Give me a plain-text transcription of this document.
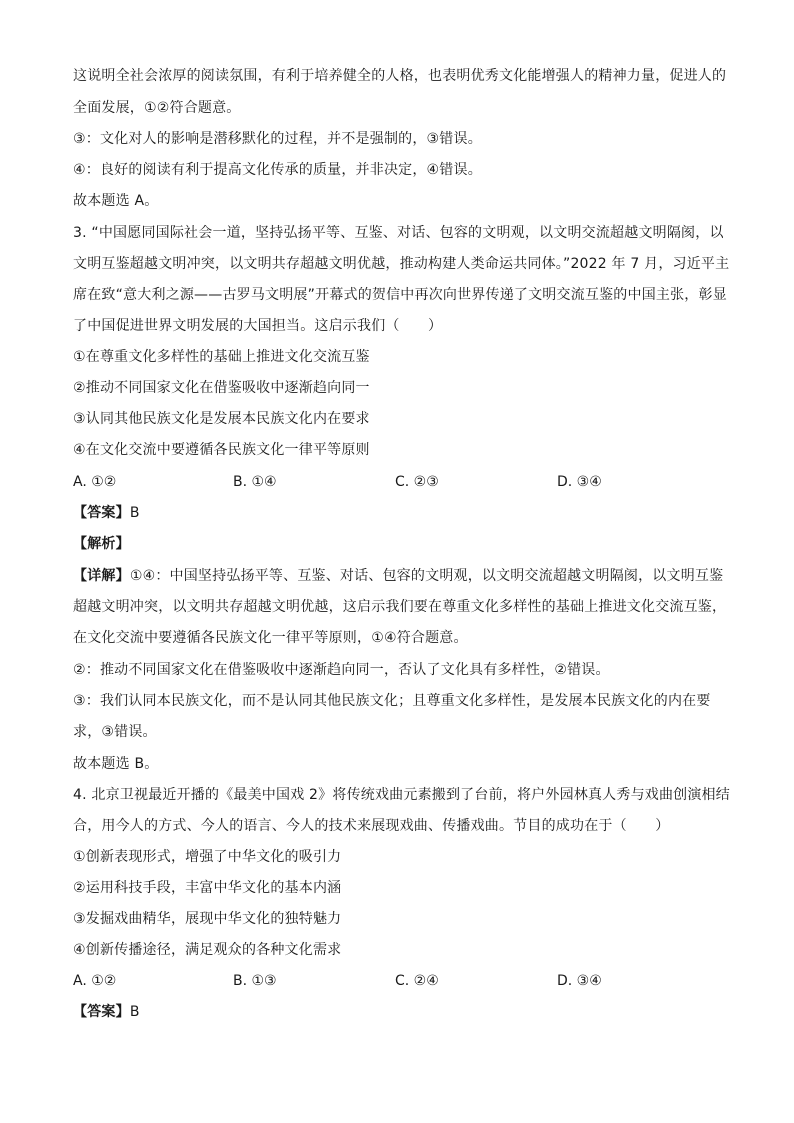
这说明全社会浓厚的阅读氛围，有利于培养健全的人格，也表明优秀文化能增强人的精神力量，促进人的
全面发展，①②符合题意。
③：文化对人的影响是潜移默化的过程，并不是强制的，③错误。
④：良好的阅读有利于提高文化传承的质量，并非决定，④错误。
故本题选 A。
3. “中国愿同国际社会一道，坚持弘扬平等、互鉴、对话、包容的文明观，以文明交流超越文明隔阂，以
文明互鉴超越文明冲突，以文明共存超越文明优越，推动构建人类命运共同体。”2022 年 7 月，习近平主
席在致“意大利之源——古罗马文明展”开幕式的贺信中再次向世界传递了文明交流互鉴的中国主张，彰显
了中国促进世界文明发展的大国担当。这启示我们（　　）
①在尊重文化多样性的基础上推进文化交流互鉴
②推动不同国家文化在借鉴吸收中逐渐趋向同一
③认同其他民族文化是发展本民族文化内在要求
④在文化交流中要遵循各民族文化一律平等原则
A. ①②	B. ①④	C. ②③	D. ③④
【答案】B
【解析】
【详解】①④：中国坚持弘扬平等、互鉴、对话、包容的文明观，以文明交流超越文明隔阂，以文明互鉴
超越文明冲突，以文明共存超越文明优越，这启示我们要在尊重文化多样性的基础上推进文化交流互鉴，
在文化交流中要遵循各民族文化一律平等原则，①④符合题意。
②：推动不同国家文化在借鉴吸收中逐渐趋向同一，否认了文化具有多样性，②错误。
③：我们认同本民族文化，而不是认同其他民族文化；且尊重文化多样性，是发展本民族文化的内在要
求，③错误。
故本题选 B。
4. 北京卫视最近开播的《最美中国戏 2》将传统戏曲元素搬到了台前，将户外园林真人秀与戏曲创演相结
合，用今人的方式、今人的语言、今人的技术来展现戏曲、传播戏曲。节目的成功在于（　　）
①创新表现形式，增强了中华文化的吸引力
②运用科技手段，丰富中华文化的基本内涵
③发掘戏曲精华，展现中华文化的独特魅力
④创新传播途径，满足观众的各种文化需求
A. ①②	B. ①③	C. ②④	D. ③④
【答案】B
